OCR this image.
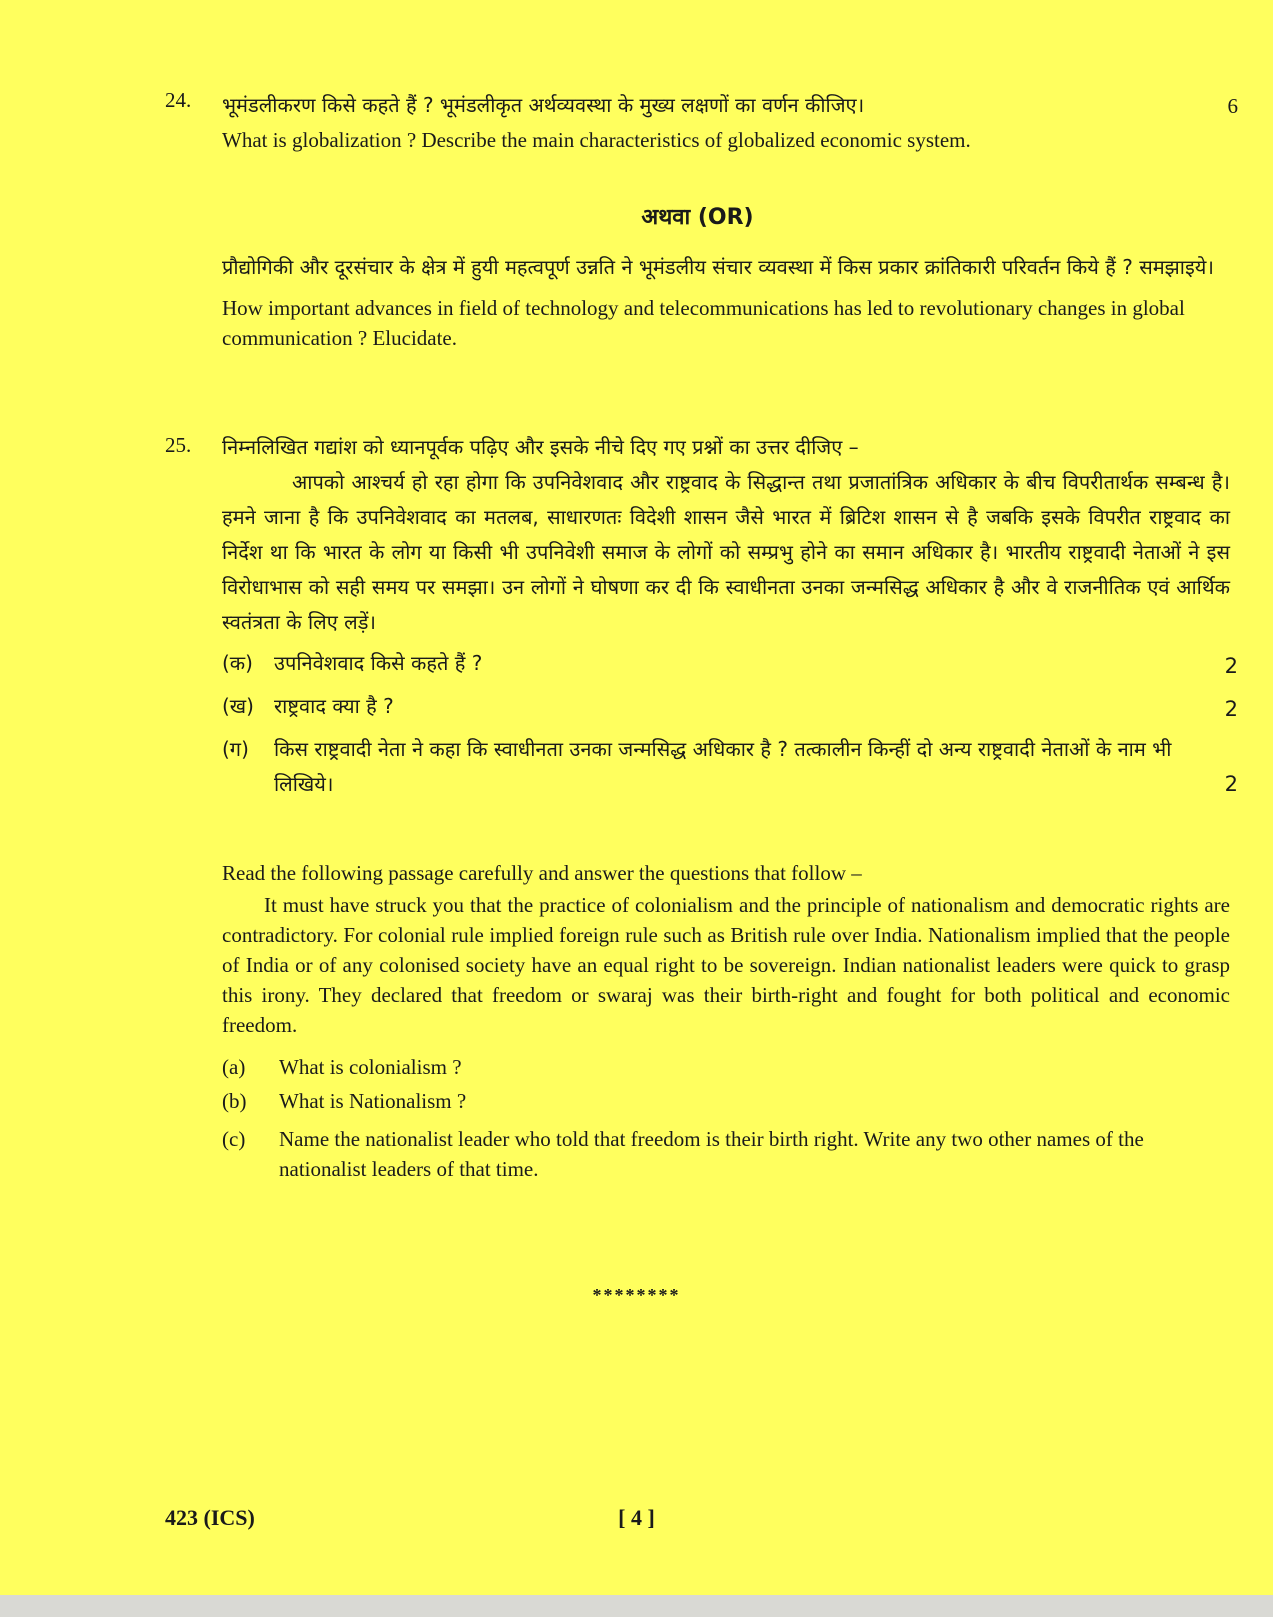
24. भूमंडलीकरण किसे कहते हैं ? भूमंडलीकृत अर्थव्यवस्था के मुख्य लक्षणों का वर्णन कीजिए।
What is globalization ? Describe the main characteristics of globalized economic system.
6
अथवा (OR)
प्रौद्योगिकी और दूरसंचार के क्षेत्र में हुयी महत्वपूर्ण उन्नति ने भूमंडलीय संचार व्यवस्था में किस प्रकार क्रांतिकारी परिवर्तन किये हैं ? समझाइये।
How important advances in field of technology and telecommunications has led to revolutionary changes in global communication ? Elucidate.
25. निम्नलिखित गद्यांश को ध्यानपूर्वक पढ़िए और इसके नीचे दिए गए प्रश्नों का उत्तर दीजिए –
आपको आश्चर्य हो रहा होगा कि उपनिवेशवाद और राष्ट्रवाद के सिद्धान्त तथा प्रजातांत्रिक अधिकार के बीच विपरीतार्थक सम्बन्ध है। हमने जाना है कि उपनिवेशवाद का मतलब, साधारणतः विदेशी शासन जैसे भारत में ब्रिटिश शासन से है जबकि इसके विपरीत राष्ट्रवाद का निर्देश था कि भारत के लोग या किसी भी उपनिवेशी समाज के लोगों को सम्प्रभु होने का समान अधिकार है। भारतीय राष्ट्रवादी नेताओं ने इस विरोधाभास को सही समय पर समझा। उन लोगों ने घोषणा कर दी कि स्वाधीनता उनका जन्मसिद्ध अधिकार है और वे राजनीतिक एवं आर्थिक स्वतंत्रता के लिए लड़ें।
(क) उपनिवेशवाद किसे कहते हैं ?	2
(ख) राष्ट्रवाद क्या है ?	2
(ग) किस राष्ट्रवादी नेता ने कहा कि स्वाधीनता उनका जन्मसिद्ध अधिकार है ? तत्कालीन किन्हीं दो अन्य राष्ट्रवादी नेताओं के नाम भी लिखिये।	2
Read the following passage carefully and answer the questions that follow –
It must have struck you that the practice of colonialism and the principle of nationalism and democratic rights are contradictory. For colonial rule implied foreign rule such as British rule over India. Nationalism implied that the people of India or of any colonised society have an equal right to be sovereign. Indian nationalist leaders were quick to grasp this irony. They declared that freedom or swaraj was their birth-right and fought for both political and economic freedom.
(a) What is colonialism ?
(b) What is Nationalism ?
(c) Name the nationalist leader who told that freedom is their birth right. Write any two other names of the nationalist leaders of that time.
********
423 (ICS)	[ 4 ]
